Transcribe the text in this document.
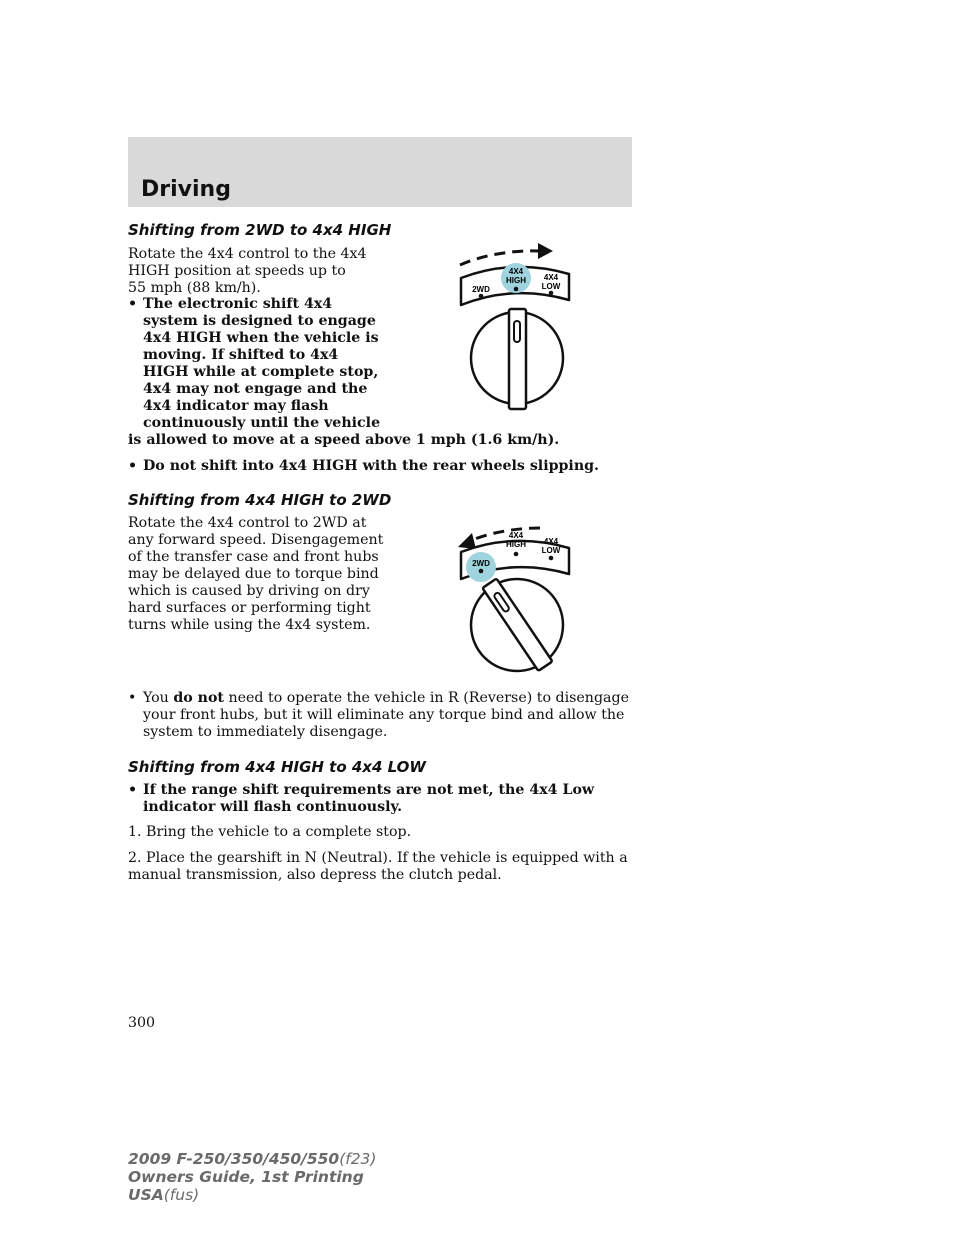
Driving
Shifting from 2WD to 4x4 HIGH
Rotate the 4x4 control to the 4x4
HIGH position at speeds up to
55 mph (88 km/h).
• The electronic shift 4x4
system is designed to engage
4x4 HIGH when the vehicle is
moving. If shifted to 4x4
HIGH while at complete stop,
4x4 may not engage and the
4x4 indicator may flash
continuously until the vehicle
is allowed to move at a speed above 1 mph (1.6 km/h).
• Do not shift into 4x4 HIGH with the rear wheels slipping.
2WD
4X4
HIGH 4X4
LOW
Shifting from 4x4 HIGH to 2WD
Rotate the 4x4 control to 2WD at
any forward speed. Disengagement
of the transfer case and front hubs
may be delayed due to torque bind
which is caused by driving on dry
hard surfaces or performing tight
turns while using the 4x4 system.
• You do not need to operate the vehicle in R (Reverse) to disengage
your front hubs, but it will eliminate any torque bind and allow the
system to immediately disengage.
2WD
4X4
HIGH 4X4
LOW
Shifting from 4x4 HIGH to 4x4 LOW
• If the range shift requirements are not met, the 4x4 Low
indicator will flash continuously.
1. Bring the vehicle to a complete stop.
2. Place the gearshift in N (Neutral). If the vehicle is equipped with a
manual transmission, also depress the clutch pedal.
300
2009 F-250/350/450/550(f23)
Owners Guide, 1st Printing
USA(fus)
